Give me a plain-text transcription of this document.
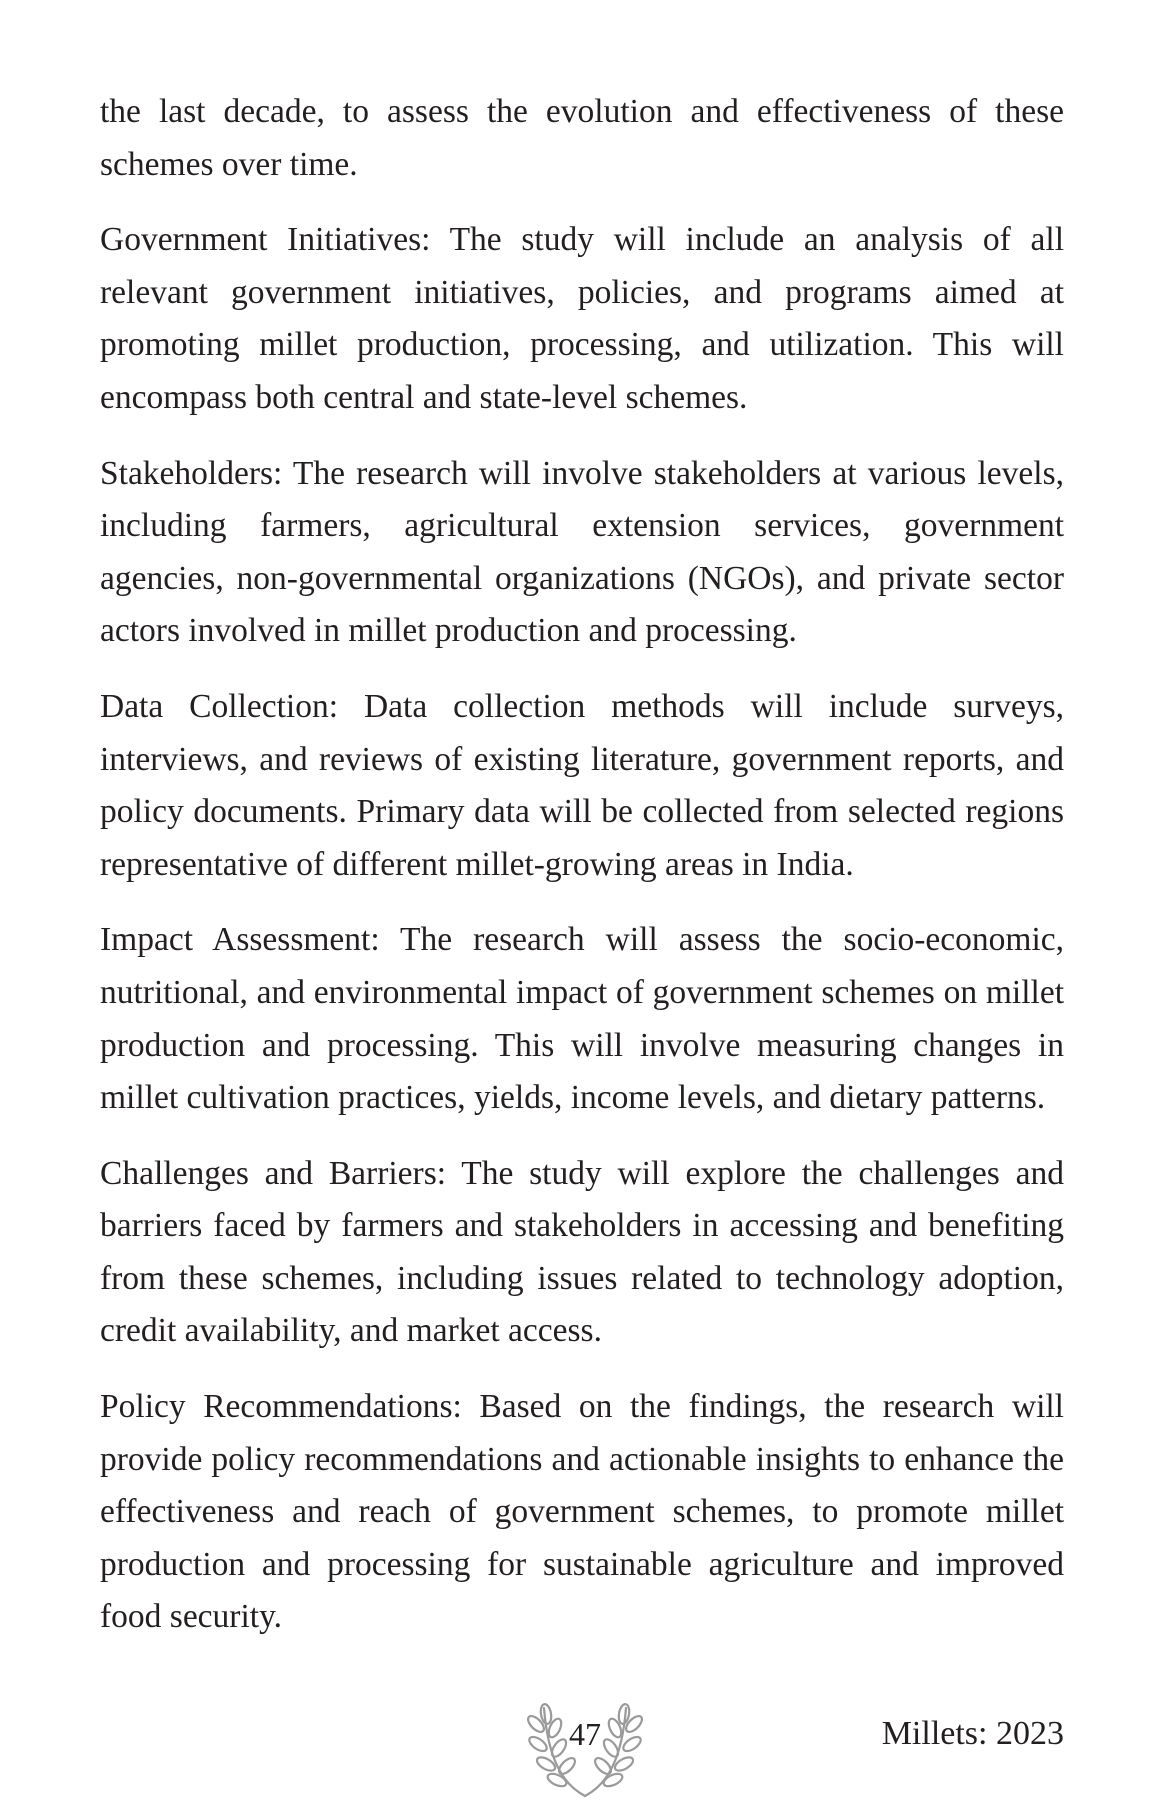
the last decade, to assess the evolution and effectiveness of these schemes over time.

Government Initiatives: The study will include an analysis of all relevant government initiatives, policies, and programs aimed at promoting millet production, processing, and utilization. This will encompass both central and state-level schemes.

Stakeholders: The research will involve stakeholders at various levels, including farmers, agricultural extension services, government agencies, non-governmental organizations (NGOs), and private sector actors involved in millet production and processing.

Data Collection: Data collection methods will include surveys, interviews, and reviews of existing literature, government reports, and policy documents. Primary data will be collected from selected regions representative of different millet-growing areas in India.

Impact Assessment: The research will assess the socio-economic, nutritional, and environmental impact of government schemes on millet production and processing. This will involve measuring changes in millet cultivation practices, yields, income levels, and dietary patterns.

Challenges and Barriers: The study will explore the challenges and barriers faced by farmers and stakeholders in accessing and benefiting from these schemes, including issues related to technology adoption, credit availability, and market access.

Policy Recommendations: Based on the findings, the research will provide policy recommendations and actionable insights to enhance the effectiveness and reach of government schemes, to promote millet production and processing for sustainable agriculture and improved food security.

47	Millets: 2023
